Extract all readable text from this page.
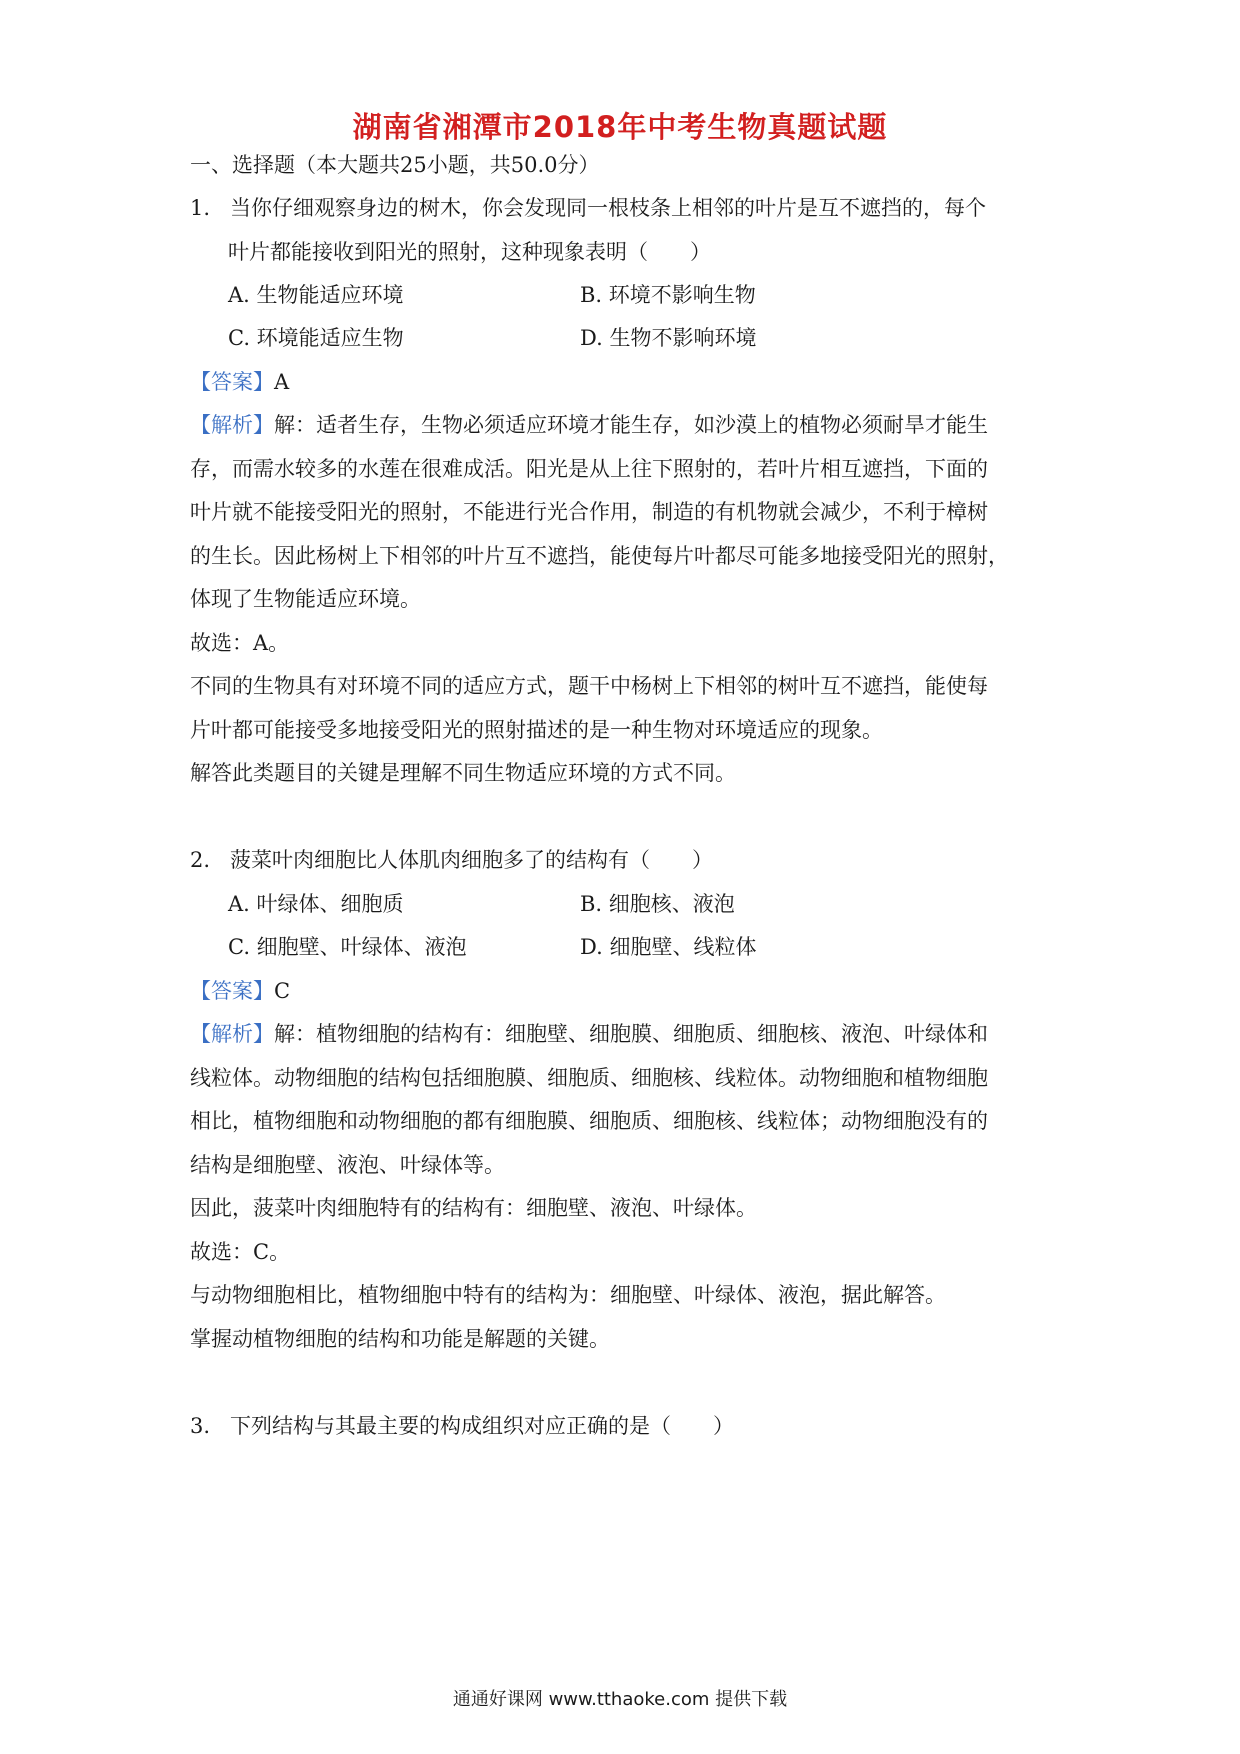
湖南省湘潭市2018年中考生物真题试题
一、选择题（本大题共25小题，共50.0分）
1. 当你仔细观察身边的树木，你会发现同一根枝条上相邻的叶片是互不遮挡的，每个
叶片都能接收到阳光的照射，这种现象表明（　　）
A. 生物能适应环境	B. 环境不影响生物
C. 环境能适应生物	D. 生物不影响环境
【答案】A
【解析】解：适者生存，生物必须适应环境才能生存，如沙漠上的植物必须耐旱才能生
存，而需水较多的水莲在很难成活。阳光是从上往下照射的，若叶片相互遮挡，下面的
叶片就不能接受阳光的照射，不能进行光合作用，制造的有机物就会减少，不利于樟树
的生长。因此杨树上下相邻的叶片互不遮挡，能使每片叶都尽可能多地接受阳光的照射，
体现了生物能适应环境。
故选：A。
不同的生物具有对环境不同的适应方式，题干中杨树上下相邻的树叶互不遮挡，能使每
片叶都可能接受多地接受阳光的照射描述的是一种生物对环境适应的现象。
解答此类题目的关键是理解不同生物适应环境的方式不同。
2. 菠菜叶肉细胞比人体肌肉细胞多了的结构有（　　）
A. 叶绿体、细胞质	B. 细胞核、液泡
C. 细胞壁、叶绿体、液泡	D. 细胞壁、线粒体
【答案】C
【解析】解：植物细胞的结构有：细胞壁、细胞膜、细胞质、细胞核、液泡、叶绿体和
线粒体。动物细胞的结构包括细胞膜、细胞质、细胞核、线粒体。动物细胞和植物细胞
相比，植物细胞和动物细胞的都有细胞膜、细胞质、细胞核、线粒体；动物细胞没有的
结构是细胞壁、液泡、叶绿体等。
因此，菠菜叶肉细胞特有的结构有：细胞壁、液泡、叶绿体。
故选：C。
与动物细胞相比，植物细胞中特有的结构为：细胞壁、叶绿体、液泡，据此解答。
掌握动植物细胞的结构和功能是解题的关键。
3. 下列结构与其最主要的构成组织对应正确的是（　　）
通通好课网 www.tthaoke.com 提供下载
